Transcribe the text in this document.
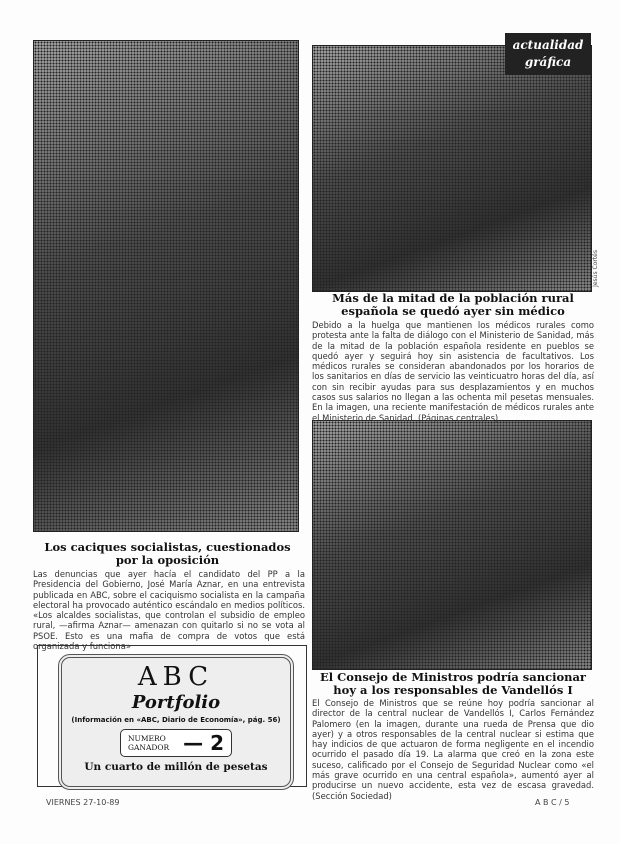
Jesús Cortés
actualidad
gráfica
Los caciques socialistas, cuestionados por la oposición
Las denuncias que ayer hacía el candidato del PP a la Presidencia del Gobierno, José María Aznar, en una entrevista publicada en ABC, sobre el caciquismo socialista en la campaña electoral ha provocado auténtico escándalo en medios políticos. «Los alcaldes socialistas, que controlan el subsidio de empleo rural, —afirma Aznar— amenazan con quitarlo si no se vota al PSOE. Esto es una mafia de compra de votos que está organizada y funciona»
Más de la mitad de la población rural española se quedó ayer sin médico
Debido a la huelga que mantienen los médicos rurales como protesta ante la falta de diálogo con el Ministerio de Sanidad, más de la mitad de la población española residente en pueblos se quedó ayer y seguirá hoy sin asistencia de facultativos. Los médicos rurales se consideran abandonados por los horarios de los sanitarios en días de servicio las veinticuatro horas del día, así con sin recibir ayudas para sus desplazamientos y en muchos casos sus salarios no llegan a las ochenta mil pesetas mensuales. En la imagen, una reciente manifestación de médicos rurales ante el Ministerio de Sanidad. (Páginas centrales)
El Consejo de Ministros podría sancionar hoy a los responsables de Vandellós I
El Consejo de Ministros que se reúne hoy podría sancionar al director de la central nuclear de Vandellós I, Carlos Fernández Palomero (en la imagen, durante una rueda de Prensa que dio ayer) y a otros responsables de la central nuclear si estima que hay indicios de que actuaron de forma negligente en el incendio ocurrido el pasado día 19. La alarma que creó en la zona este suceso, calificado por el Consejo de Seguridad Nuclear como «el más grave ocurrido en una central española», aumentó ayer al producirse un nuevo accidente, esta vez de escasa gravedad. (Sección Sociedad)
ABC
Portfolio
(Información en «ABC, Diario de Economía», pág. 56)
NUMERO
GANADOR — 2
Un cuarto de millón de pesetas
VIERNES 27-10-89	A B C / 5
